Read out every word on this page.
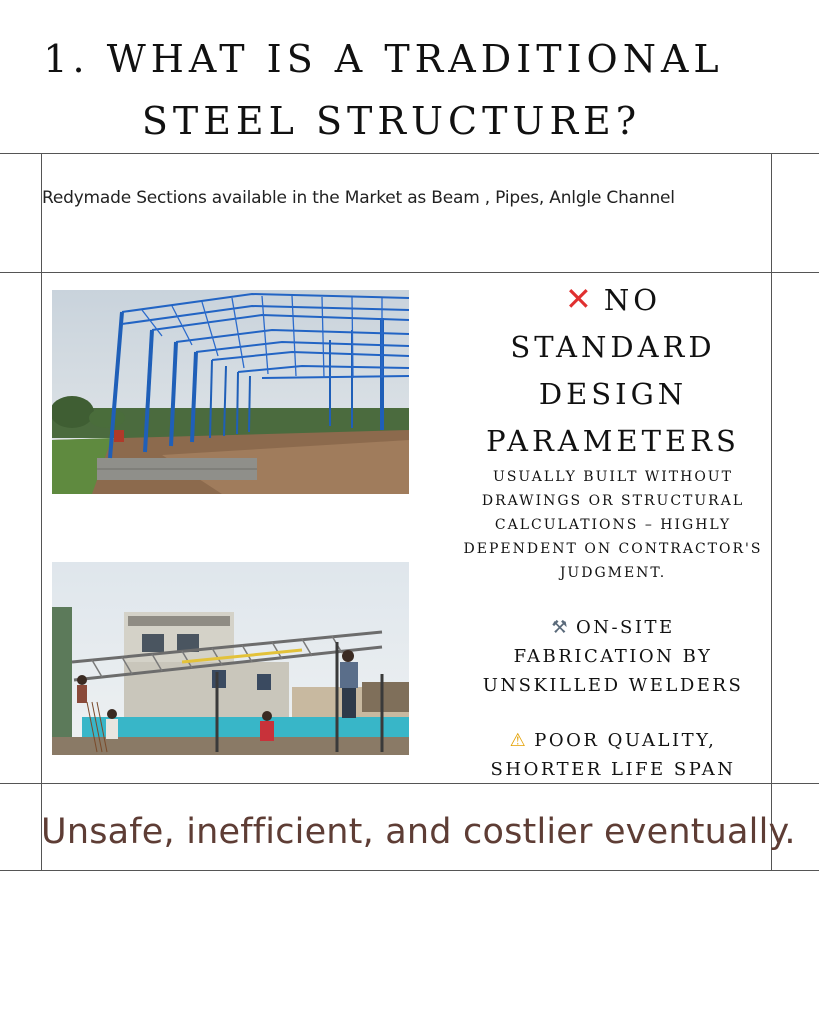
1. WHAT IS A TRADITIONAL
STEEL STRUCTURE?
Redymade Sections available in the Market as Beam , Pipes, Anlgle Channel
✕ NO
STANDARD
DESIGN
PARAMETERS
USUALLY BUILT WITHOUT
DRAWINGS OR STRUCTURAL
CALCULATIONS – HIGHLY
DEPENDENT ON CONTRACTOR'S
JUDGMENT.
⚒ ON-SITE
FABRICATION BY
UNSKILLED WELDERS
⚠ POOR QUALITY,
SHORTER LIFE SPAN
Unsafe, inefficient, and costlier eventually.
